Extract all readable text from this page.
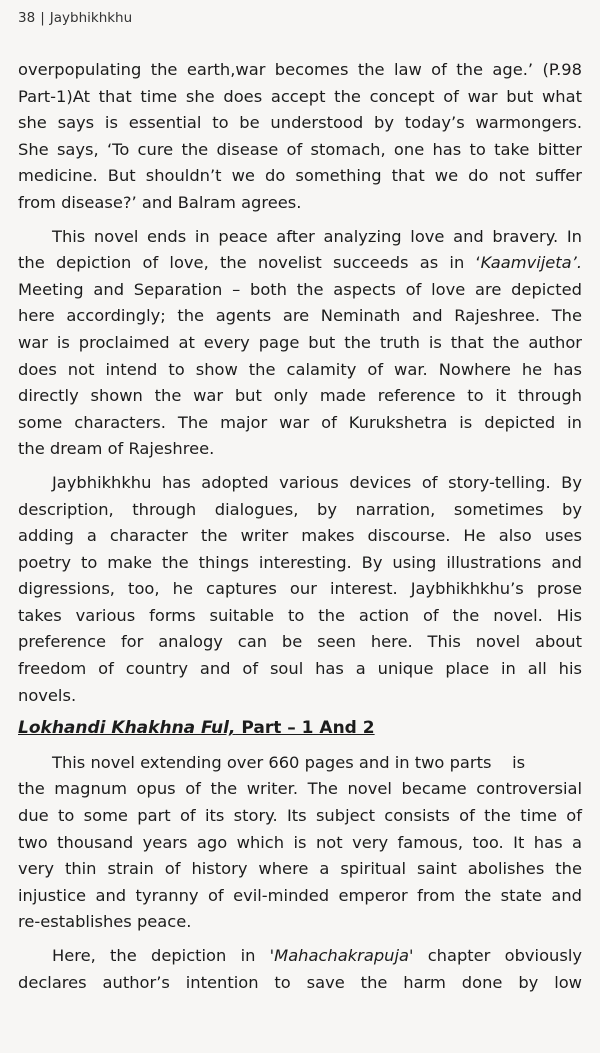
38 | Jaybhikhkhu
overpopulating the earth,war becomes the law of the age.’ (P.98
Part-1)At that time she does accept the concept of war but what
she says is essential to be understood by today’s warmongers.
She says, ‘To cure the disease of stomach, one has to take bitter
medicine. But shouldn’t we do something that we do not suffer
from disease?’ and Balram agrees.
This novel ends in peace after analyzing love and bravery. In
the depiction of love, the novelist succeeds as in ‘Kaamvijeta’.
Meeting and Separation – both the aspects of love are depicted
here accordingly; the agents are Neminath and Rajeshree. The
war is proclaimed at every page but the truth is that the author
does not intend to show the calamity of war. Nowhere he has
directly shown the war but only made reference to it through
some characters. The major war of Kurukshetra is depicted in
the dream of Rajeshree.
Jaybhikhkhu has adopted various devices of story-telling. By
description, through dialogues, by narration, sometimes by
adding a character the writer makes discourse. He also uses
poetry to make the things interesting. By using illustrations and
digressions, too, he captures our interest. Jaybhikhkhu’s prose
takes various forms suitable to the action of the novel. His
preference for analogy can be seen here. This novel about
freedom of country and of soul has a unique place in all his
novels.
Lokhandi Khakhna Ful, Part – 1 And 2
This novel extending over 660 pages and in two parts    is
the magnum opus of the writer. The novel became controversial
due to some part of its story. Its subject consists of the time of
two thousand years ago which is not very famous, too. It has a
very thin strain of history where a spiritual saint abolishes the
injustice and tyranny of evil-minded emperor from the state and
re-establishes peace.
Here, the depiction in 'Mahachakrapuja' chapter obviously
declares author’s intention to save the harm done by low
